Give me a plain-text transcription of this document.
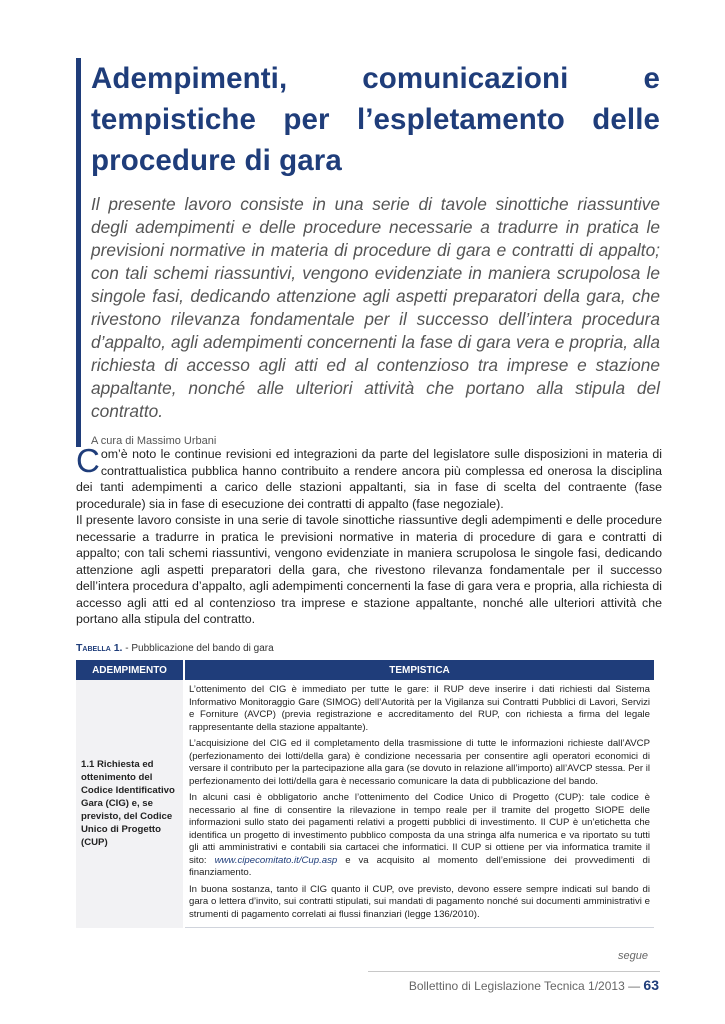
Adempimenti, comunicazioni e tempistiche per l’espletamento delle procedure di gara

Il presente lavoro consiste in una serie di tavole sinottiche riassuntive degli adempimenti e delle procedure necessarie a tradurre in pratica le previsioni normative in materia di procedure di gara e contratti di appalto; con tali schemi riassuntivi, vengono evidenziate in maniera scrupolosa le singole fasi, dedicando attenzione agli aspetti preparatori della gara, che rivestono rilevanza fondamentale per il successo dell’intera procedura d’appalto, agli adempimenti concernenti la fase di gara vera e propria, alla richiesta di accesso agli atti ed al contenzioso tra imprese e stazione appaltante, nonché alle ulteriori attività che portano alla stipula del contratto.

A cura di Massimo Urbani

Com’è noto le continue revisioni ed integrazioni da parte del legislatore sulle disposizioni in materia di contrattualistica pubblica hanno contribuito a rendere ancora più complessa ed onerosa la disciplina dei tanti adempimenti a carico delle stazioni appaltanti, sia in fase di scelta del contraente (fase procedurale) sia in fase di esecuzione dei contratti di appalto (fase negoziale).

Il presente lavoro consiste in una serie di tavole sinottiche riassuntive degli adempimenti e delle procedure necessarie a tradurre in pratica le previsioni normative in materia di procedure di gara e contratti di appalto; con tali schemi riassuntivi, vengono evidenziate in maniera scrupolosa le singole fasi, dedicando attenzione agli aspetti preparatori della gara, che rivestono rilevanza fondamentale per il successo dell’intera procedura d’appalto, agli adempimenti concernenti la fase di gara vera e propria, alla richiesta di accesso agli atti ed al contenzioso tra imprese e stazione appaltante, nonché alle ulteriori attività che portano alla stipula del contratto.

Tabella 1. - Pubblicazione del bando di gara
ADEMPIMENTO	TEMPISTICA
1.1 Richiesta ed ottenimento del Codice Identificativo Gara (CIG) e, se previsto, del Codice Unico di Progetto (CUP)	L’ottenimento del CIG è immediato per tutte le gare: il RUP deve inserire i dati richiesti dal Sistema Informativo Monitoraggio Gare (SIMOG) dell’Autorità per la Vigilanza sui Contratti Pubblici di Lavori, Servizi e Forniture (AVCP) (previa registrazione e accreditamento del RUP, con richiesta a firma del legale rappresentante della stazione appaltante).

L’acquisizione del CIG ed il completamento della trasmissione di tutte le informazioni richieste dall’AVCP (perfezionamento dei lotti/della gara) è condizione necessaria per consentire agli operatori economici di versare il contributo per la partecipazione alla gara (se dovuto in relazione all’importo) all’AVCP stessa. Per il perfezionamento dei lotti/della gara è necessario comunicare la data di pubblicazione del bando.

In alcuni casi è obbligatorio anche l’ottenimento del Codice Unico di Progetto (CUP): tale codice è necessario al fine di consentire la rilevazione in tempo reale per il tramite del progetto SIOPE delle informazioni sullo stato dei pagamenti relativi a progetti pubblici di investimento. Il CUP è un’etichetta che identifica un progetto di investimento pubblico composta da una stringa alfa numerica e va riportato su tutti gli atti amministrativi e contabili sia cartacei che informatici. Il CUP si ottiene per via informatica tramite il sito: www.cipecomitato.it/Cup.asp e va acquisito al momento dell’emissione dei provvedimenti di finanziamento.

In buona sostanza, tanto il CIG quanto il CUP, ove previsto, devono essere sempre indicati sul bando di gara o lettera d’invito, sui contratti stipulati, sui mandati di pagamento nonché sui documenti amministrativi e strumenti di pagamento correlati ai flussi finanziari (legge 136/2010).

segue
Bollettino di Legislazione Tecnica 1/2013 — 63
